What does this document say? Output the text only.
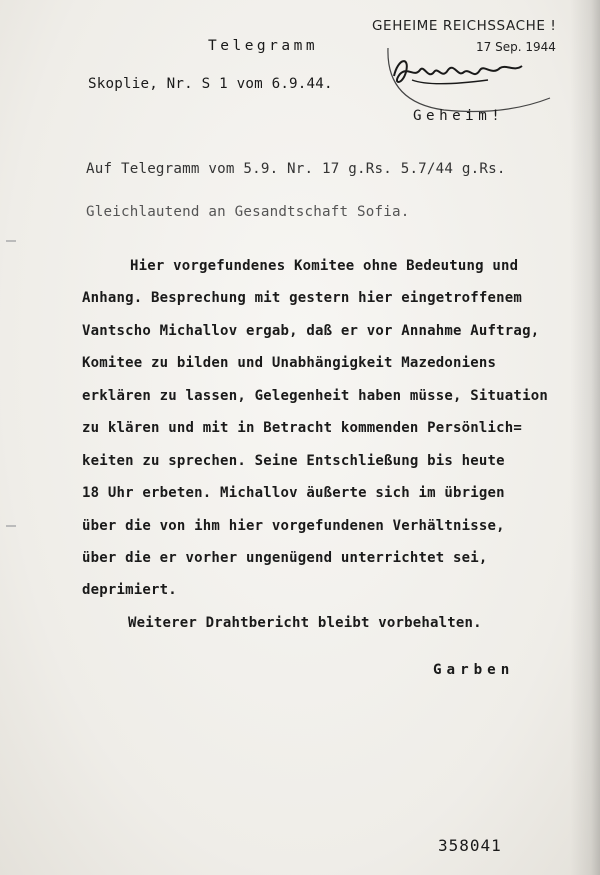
GEHEIME REICHSSACHE !
17 Sep. 1944
Telegramm
Skoplie, Nr. S 1 vom 6.9.44.
Geheim!
Auf Telegramm vom 5.9. Nr. 17 g.Rs. 5.7/44 g.Rs.
Gleichlautend an Gesandtschaft Sofia.
Hier vorgefundenes Komitee ohne Bedeutung und
Anhang. Besprechung mit gestern hier eingetroffenem
Vantscho Michallov ergab, daß er vor Annahme Auftrag,
Komitee zu bilden und Unabhängigkeit Mazedoniens
erklären zu lassen, Gelegenheit haben müsse, Situation
zu klären und mit in Betracht kommenden Persönlich=
keiten zu sprechen. Seine Entschließung bis heute
18 Uhr erbeten. Michallov äußerte sich im übrigen
über die von ihm hier vorgefundenen Verhältnisse,
über die er vorher ungenügend unterrichtet sei,
deprimiert.
Weiterer Drahtbericht bleibt vorbehalten.
Garben
358041
